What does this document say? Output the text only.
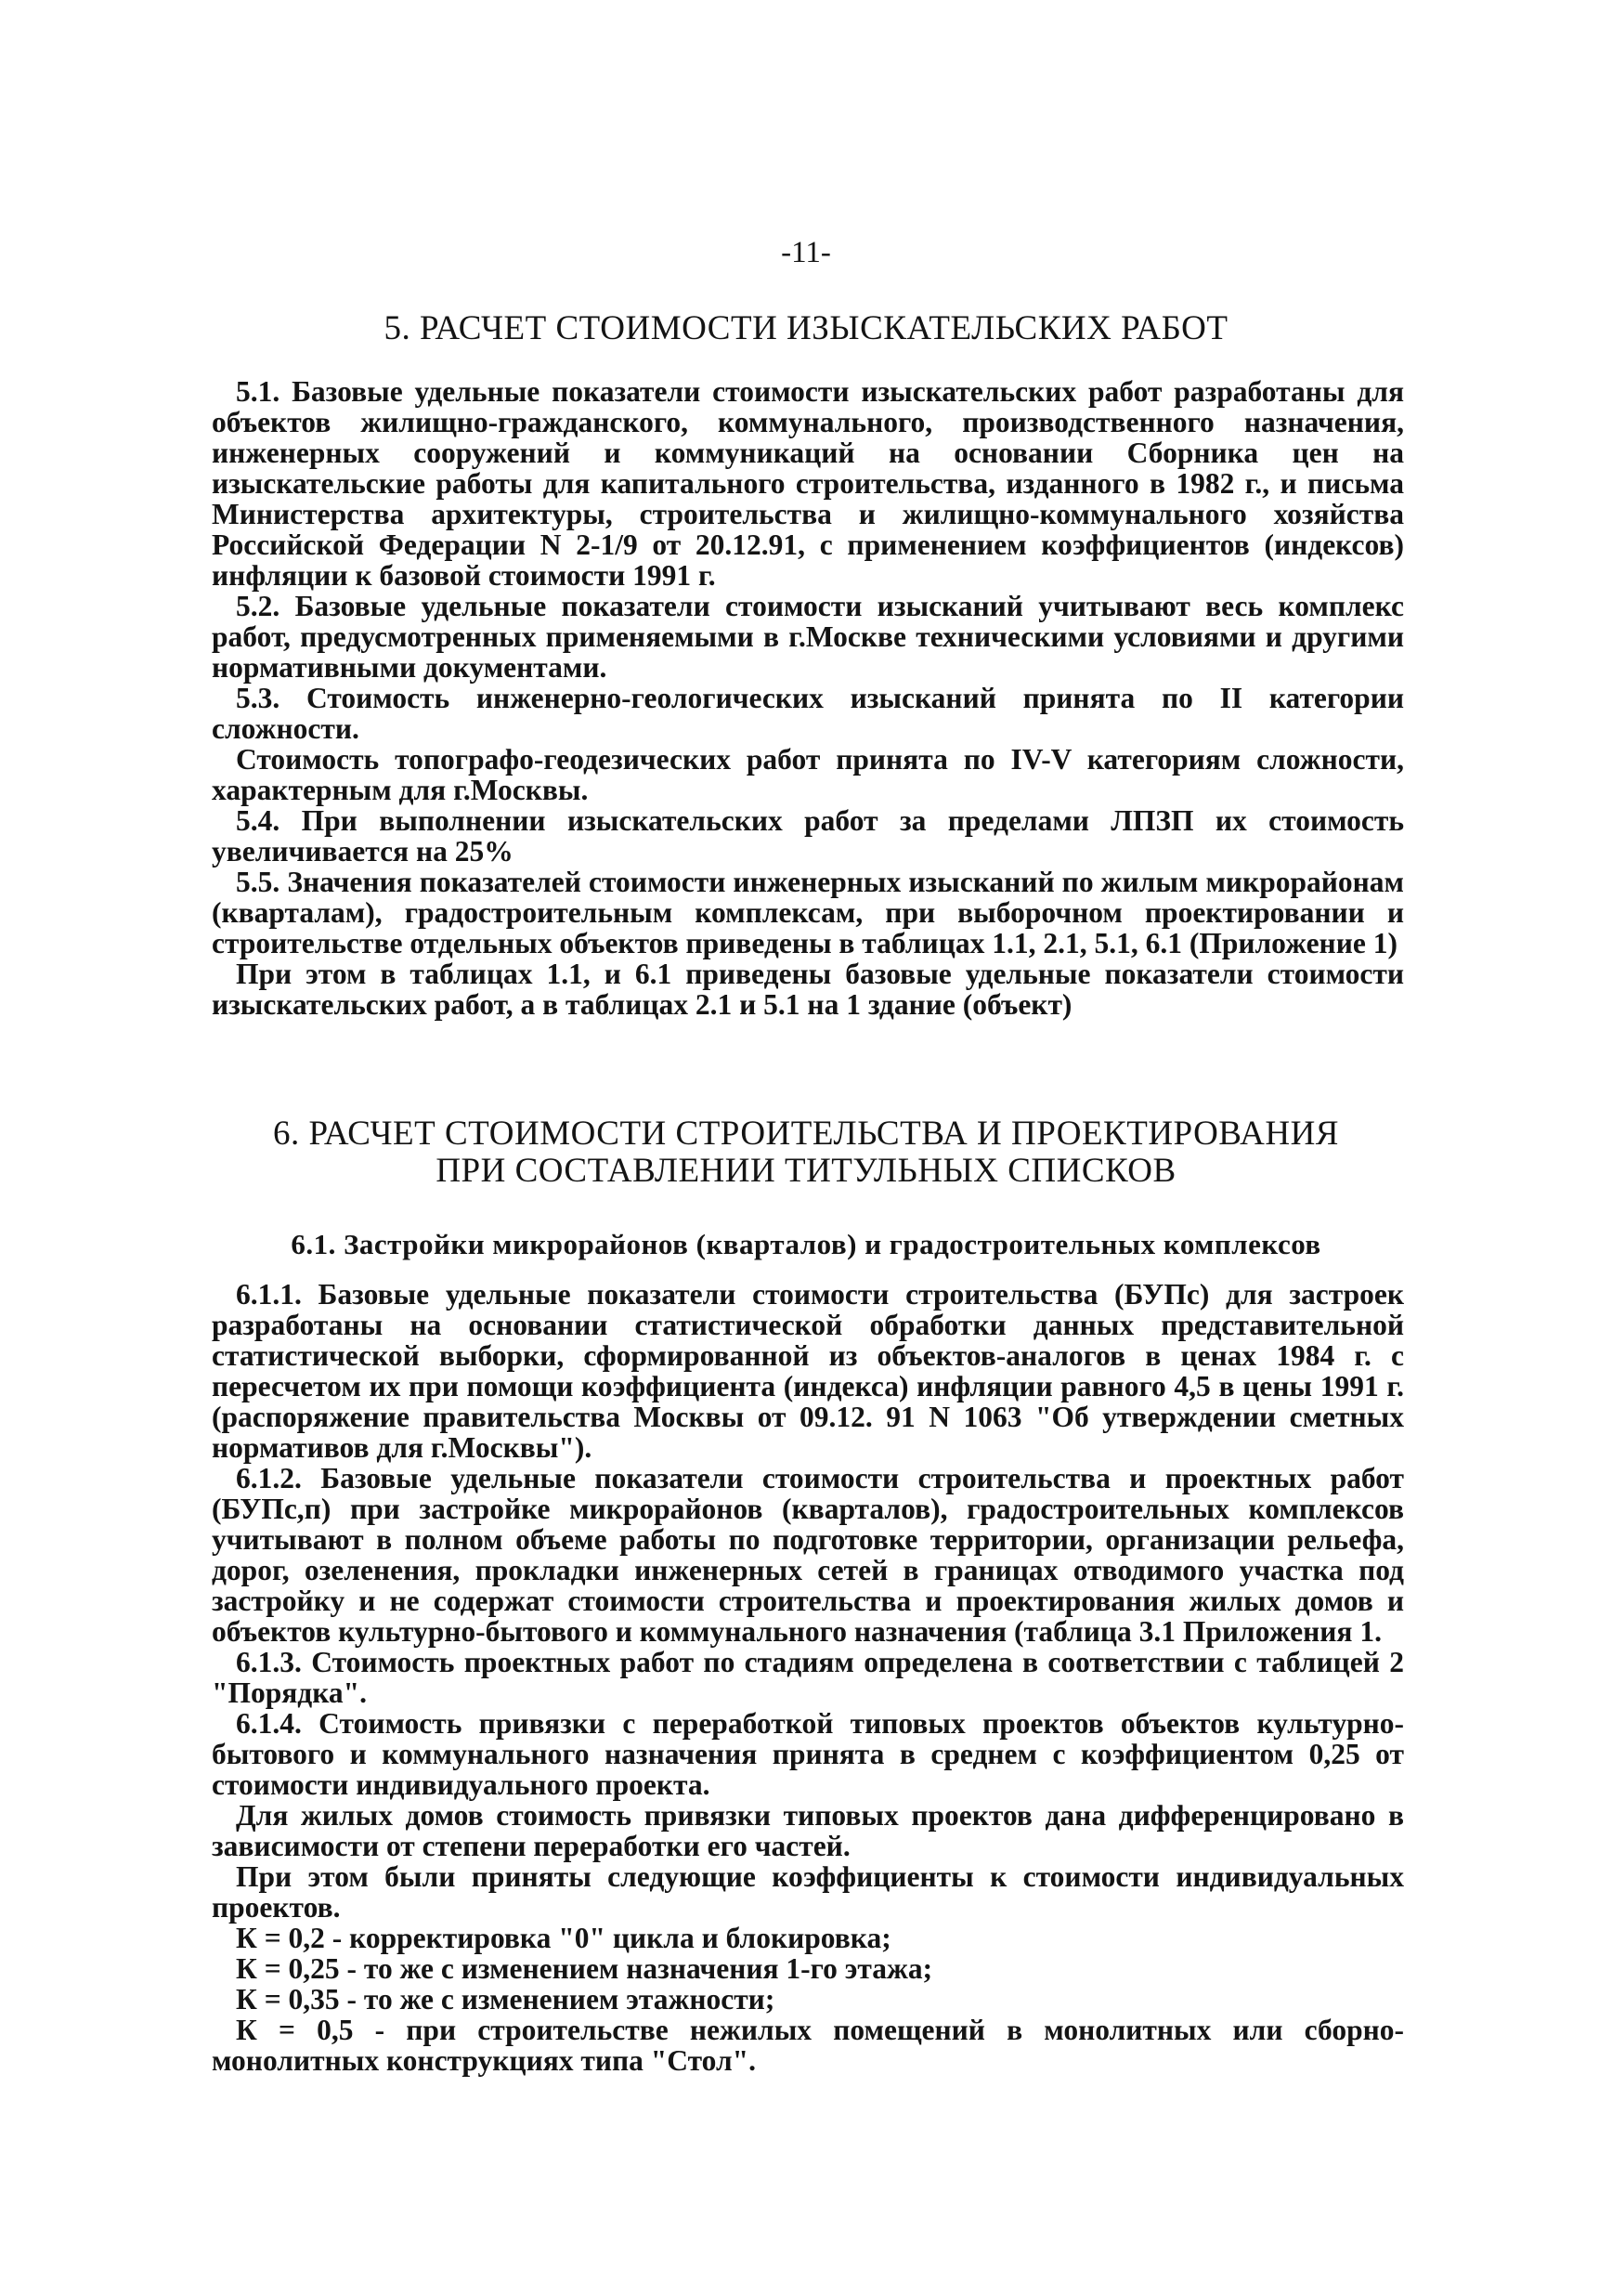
-11-
5. РАСЧЕТ СТОИМОСТИ ИЗЫСКАТЕЛЬСКИХ РАБОТ

5.1. Базовые удельные показатели стоимости изыскательских работ разработаны для объектов жилищно-гражданского, коммунального, производственного назначения, инженерных сооружений и коммуникаций на основании Сборника цен на изыскательские работы для капитального строительства, изданного в 1982 г., и письма Министерства архитектуры, строительства и жилищно-коммунального хозяйства Российской Федерации N 2-1/9 от 20.12.91, с применением коэффициентов (индексов) инфляции к базовой стоимости 1991 г.

5.2. Базовые удельные показатели стоимости изысканий учитывают весь комплекс работ, предусмотренных применяемыми в г.Москве техническими условиями и другими нормативными документами.

5.3. Стоимость инженерно-геологических изысканий принята по II категории сложности.

Стоимость топографо-геодезических работ принята по IV-V категориям сложности, характерным для г.Москвы.

5.4. При выполнении изыскательских работ за пределами ЛПЗП их стоимость увеличивается на 25%

5.5. Значения показателей стоимости инженерных изысканий по жилым микрорайонам (кварталам), градостроительным комплексам, при выборочном проектировании и строительстве отдельных объектов приведены в таблицах 1.1, 2.1, 5.1, 6.1 (Приложение 1)

При этом в таблицах 1.1, и 6.1 приведены базовые удельные показатели стоимости изыскательских работ, а в таблицах 2.1 и 5.1 на 1 здание (объект)

6. РАСЧЕТ СТОИМОСТИ СТРОИТЕЛЬСТВА И ПРОЕКТИРОВАНИЯ
ПРИ СОСТАВЛЕНИИ ТИТУЛЬНЫХ СПИСКОВ
6.1. Застройки микрорайонов (кварталов) и градостроительных комплексов

6.1.1. Базовые удельные показатели стоимости строительства (БУПс) для застроек разработаны на основании статистической обработки данных представительной статистической выборки, сформированной из объектов-аналогов в ценах 1984 г. с пересчетом их при помощи коэффициента (индекса) инфляции равного 4,5 в цены 1991 г. (распоряжение правительства Москвы от 09.12. 91 N 1063 "Об утверждении сметных нормативов для г.Москвы").

6.1.2. Базовые удельные показатели стоимости строительства и проектных работ (БУПс,п) при застройке микрорайонов (кварталов), градостроительных комплексов учитывают в полном объеме работы по подготовке территории, организации рельефа, дорог, озеленения, прокладки инженерных сетей в границах отводимого участка под застройку и не содержат стоимости строительства и проектирования жилых домов и объектов культурно-бытового и коммунального назначения (таблица 3.1 Приложения 1.

6.1.3. Стоимость проектных работ по стадиям определена в соответствии с таблицей 2 "Порядка".

6.1.4. Стоимость привязки с переработкой типовых проектов объектов культурно-бытового и коммунального назначения принята в среднем с коэффициентом 0,25 от стоимости индивидуального проекта.

Для жилых домов стоимость привязки типовых проектов дана дифференцировано в зависимости от степени переработки его частей.

При этом были приняты следующие коэффициенты к стоимости индивидуальных проектов.

К = 0,2 - корректировка "0" цикла и блокировка;

К = 0,25 - то же с изменением назначения 1-го этажа;

К = 0,35 - то же с изменением этажности;

К = 0,5 - при строительстве нежилых помещений в монолитных или сборно-монолитных конструкциях типа "Стол".
